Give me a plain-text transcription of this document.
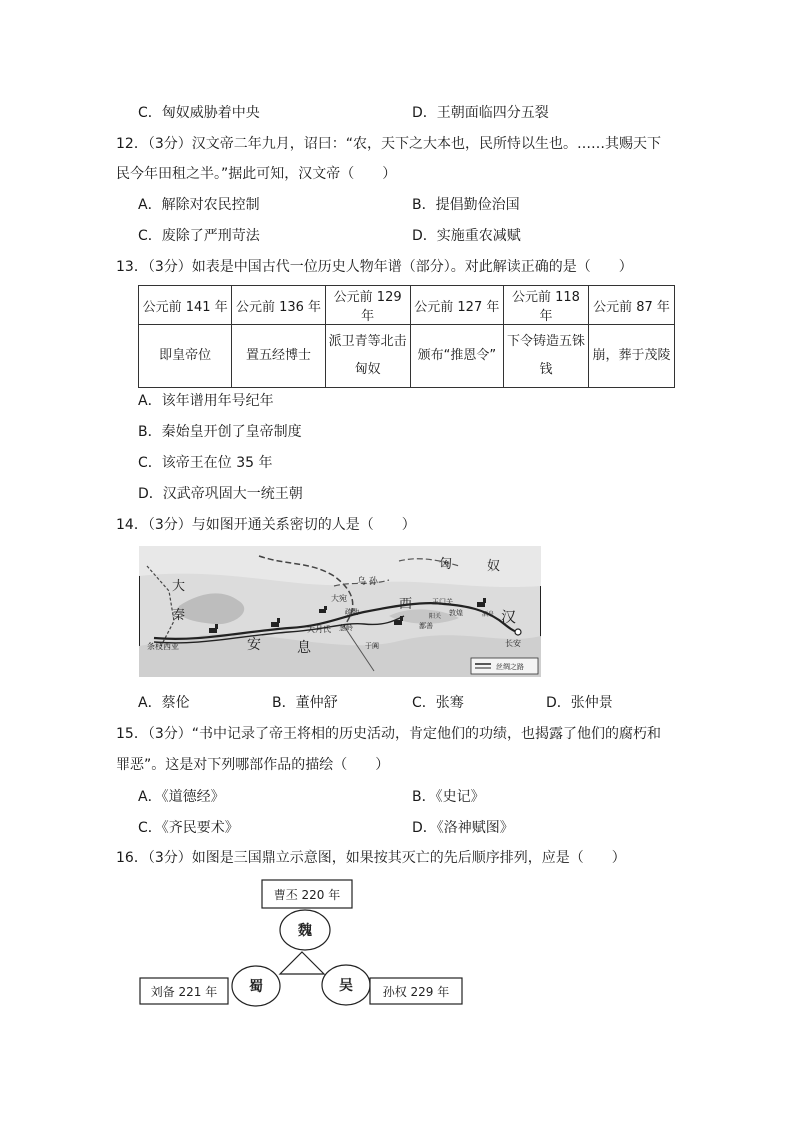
C．匈奴威胁着中央	D．王朝面临四分五裂
12．（3分）汉文帝二年九月，诏曰：“农，天下之大本也，民所恃以生也。……其赐天下
民今年田租之半。”据此可知，汉文帝（　　）
A．解除对农民控制	B．提倡勤俭治国
C．废除了严刑苛法	D．实施重农减赋
13．（3分）如表是中国古代一位历史人物年谱（部分）。对此解读正确的是（　　）
公元前 141 年	公元前 136 年	公元前 129 年	公元前 127 年	公元前 118 年	公元前 87 年
即皇帝位	置五经博士	派卫青等北击匈奴	颁布“推恩令”	下令铸造五铢钱	崩，葬于茂陵
A．该年谱用年号纪年
B．秦始皇开创了皇帝制度
C．该帝王在位 35 年
D．汉武帝巩固大一统王朝
14．（3分）与如图开通关系密切的人是（　　）
大
秦
匈	奴
乌 孙
大宛
疏勒
玉门关
敦煌	酒泉
西
汉
长安
大月氏 葱岭	鄯善
阳关
条枝西亚	安	息	于阗
丝绸之路
A．蔡伦	B．董仲舒	C．张骞	D．张仲景
15．（3分）“书中记录了帝王将相的历史活动，肯定他们的功绩，也揭露了他们的腐朽和
罪恶”。这是对下列哪部作品的描绘（　　）
A．《道德经》	B．《史记》
C．《齐民要术》	D．《洛神赋图》
16．（3分）如图是三国鼎立示意图，如果按其灭亡的先后顺序排列，应是（　　）
曹丕 220 年
魏
蜀	吴
刘备 221 年	孙权 229 年
